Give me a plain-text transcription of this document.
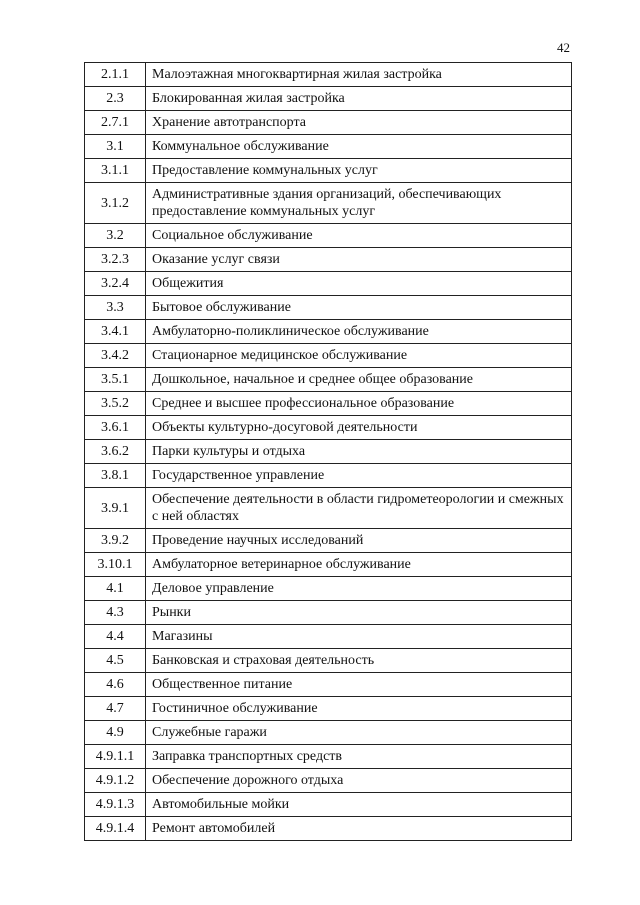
42
2.1.1	Малоэтажная многоквартирная жилая застройка
2.3	Блокированная жилая застройка
2.7.1	Хранение автотранспорта
3.1	Коммунальное обслуживание
3.1.1	Предоставление коммунальных услуг
3.1.2	Административные здания организаций, обеспечивающих предоставление коммунальных услуг
3.2	Социальное обслуживание
3.2.3	Оказание услуг связи
3.2.4	Общежития
3.3	Бытовое обслуживание
3.4.1	Амбулаторно-поликлиническое обслуживание
3.4.2	Стационарное медицинское обслуживание
3.5.1	Дошкольное, начальное и среднее общее образование
3.5.2	Среднее и высшее профессиональное образование
3.6.1	Объекты культурно-досуговой деятельности
3.6.2	Парки культуры и отдыха
3.8.1	Государственное управление
3.9.1	Обеспечение деятельности в области гидрометеорологии и смежных с ней областях
3.9.2	Проведение научных исследований
3.10.1	Амбулаторное ветеринарное обслуживание
4.1	Деловое управление
4.3	Рынки
4.4	Магазины
4.5	Банковская и страховая деятельность
4.6	Общественное питание
4.7	Гостиничное обслуживание
4.9	Служебные гаражи
4.9.1.1	Заправка транспортных средств
4.9.1.2	Обеспечение дорожного отдыха
4.9.1.3	Автомобильные мойки
4.9.1.4	Ремонт автомобилей
